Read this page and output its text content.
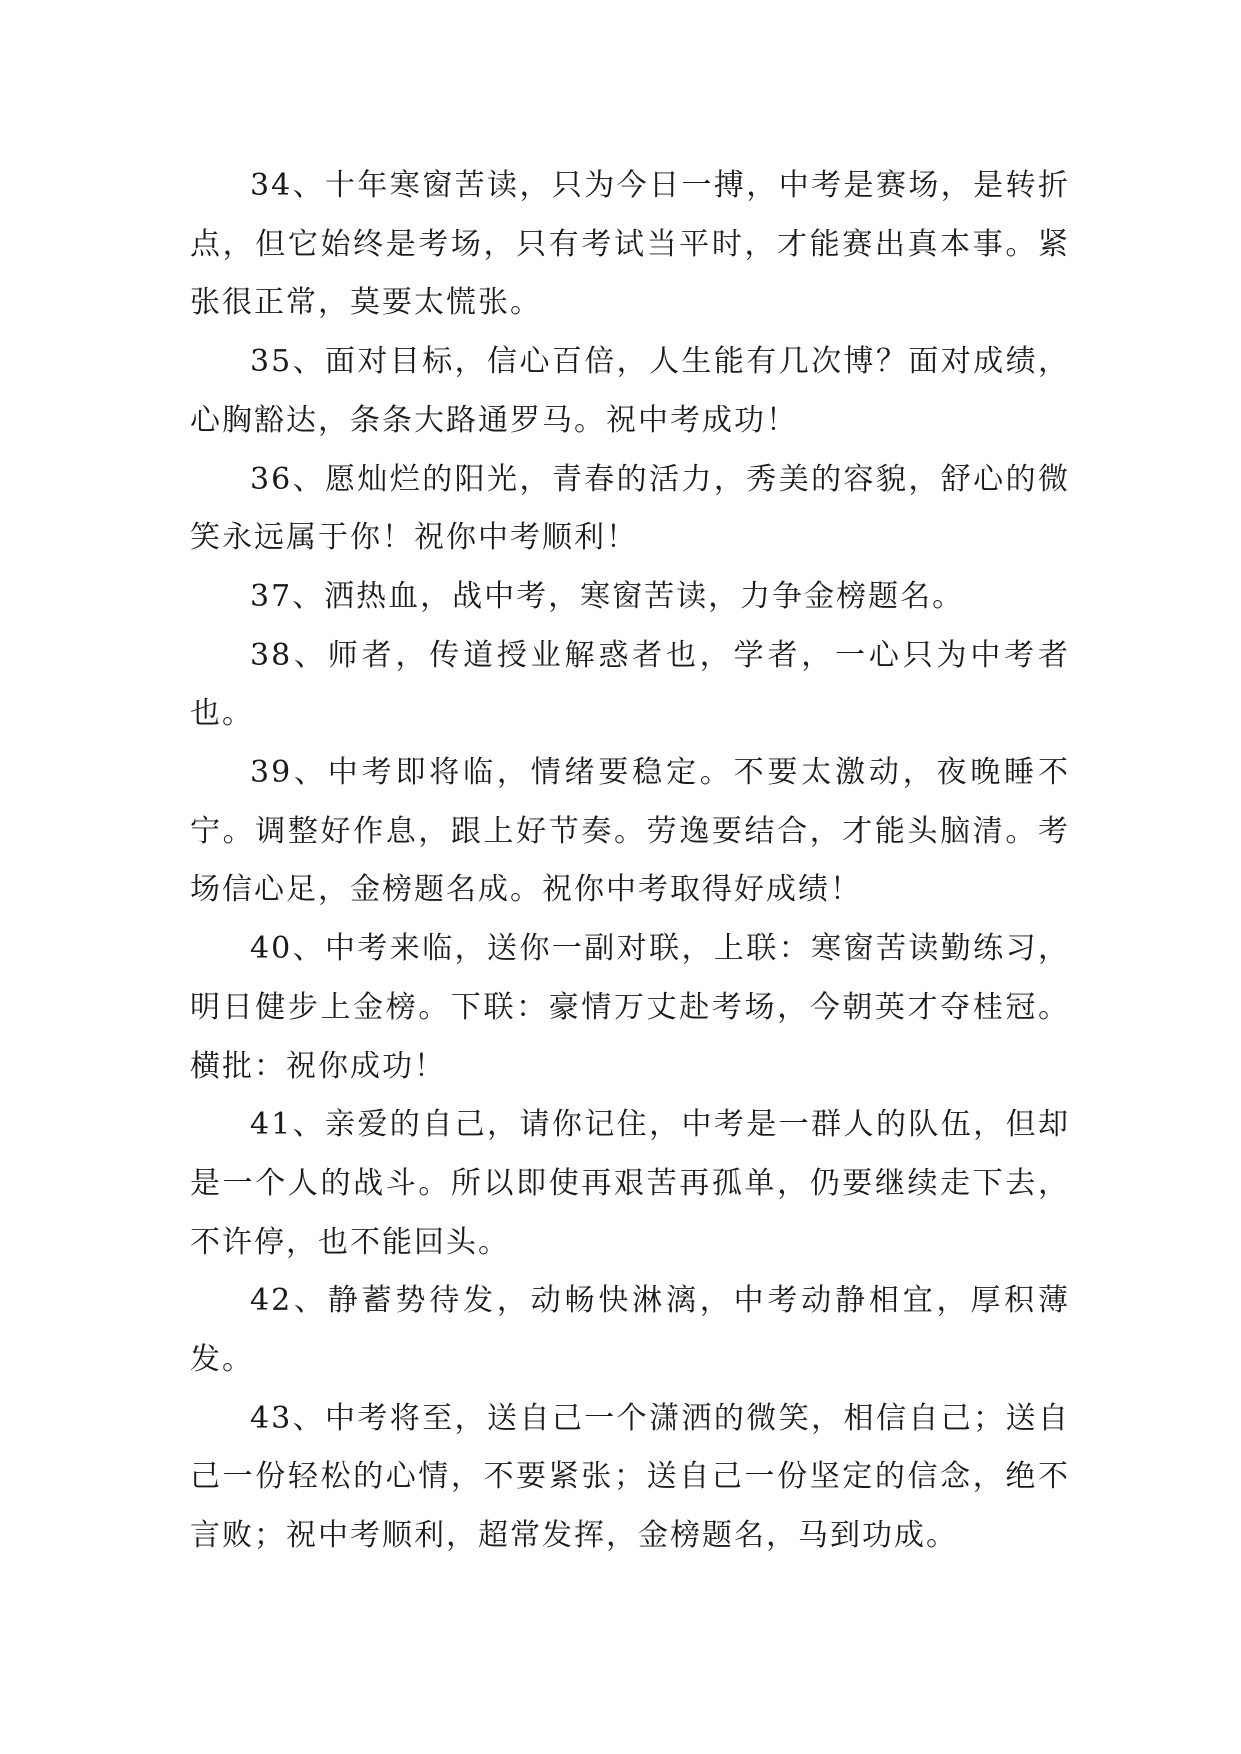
34、十年寒窗苦读，只为今日一搏，中考是赛场，是转折点，但它始终是考场，只有考试当平时，才能赛出真本事。紧张很正常，莫要太慌张。

35、面对目标，信心百倍，人生能有几次博？面对成绩，心胸豁达，条条大路通罗马。祝中考成功！

36、愿灿烂的阳光，青春的活力，秀美的容貌，舒心的微笑永远属于你！祝你中考顺利！

37、洒热血，战中考，寒窗苦读，力争金榜题名。

38、师者，传道授业解惑者也，学者，一心只为中考者也。

39、中考即将临，情绪要稳定。不要太激动，夜晚睡不宁。调整好作息，跟上好节奏。劳逸要结合，才能头脑清。考场信心足，金榜题名成。祝你中考取得好成绩！

40、中考来临，送你一副对联，上联：寒窗苦读勤练习，明日健步上金榜。下联：豪情万丈赴考场，今朝英才夺桂冠。横批：祝你成功！

41、亲爱的自己，请你记住，中考是一群人的队伍，但却是一个人的战斗。所以即使再艰苦再孤单，仍要继续走下去，不许停，也不能回头。

42、静蓄势待发，动畅快淋漓，中考动静相宜，厚积薄发。

43、中考将至，送自己一个潇洒的微笑，相信自己；送自己一份轻松的心情，不要紧张；送自己一份坚定的信念，绝不言败；祝中考顺利，超常发挥，金榜题名，马到功成。
